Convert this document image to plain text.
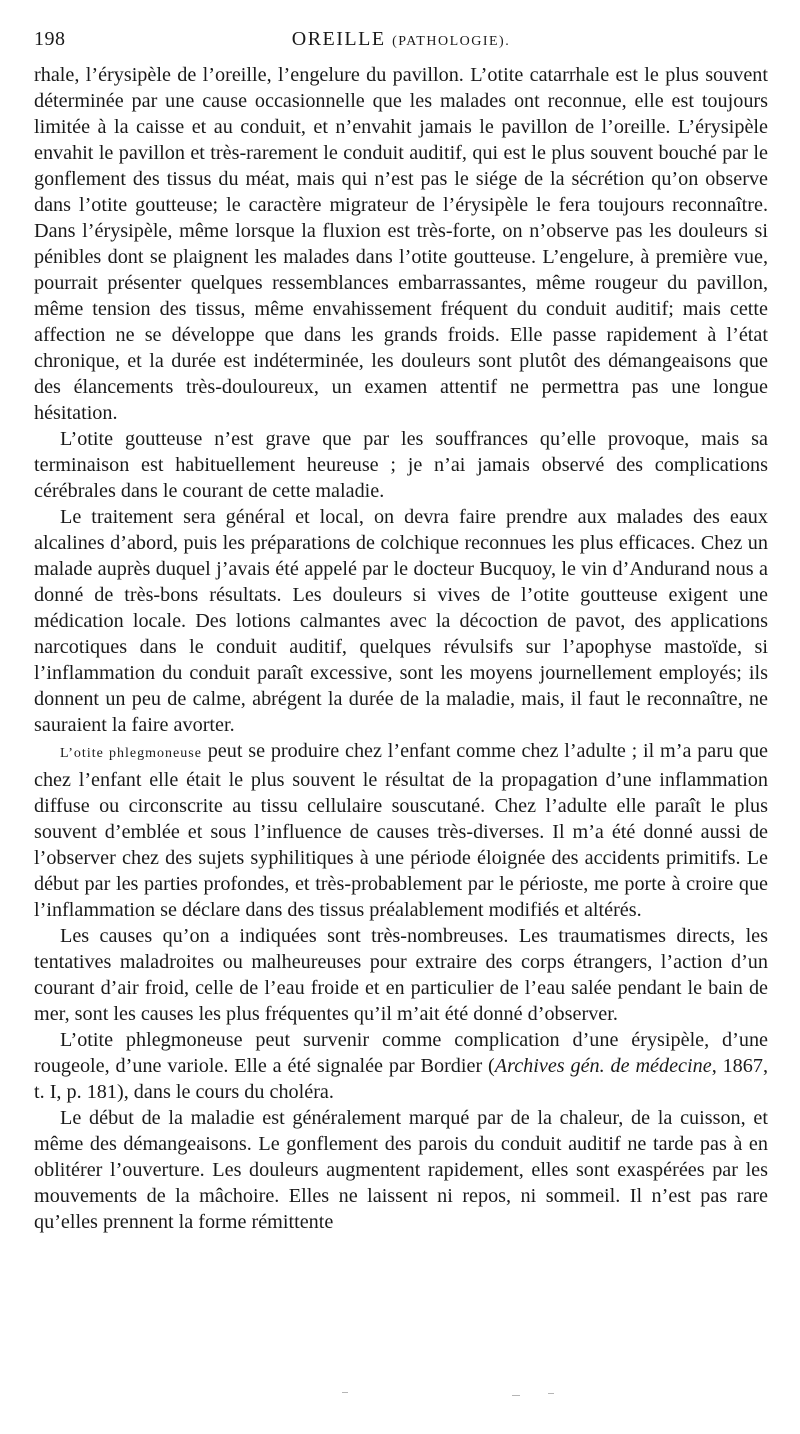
198	OREILLE (PATHOLOGIE).

rhale, l’érysipèle de l’oreille, l’engelure du pavillon. L’otite catarrhale est le plus souvent déterminée par une cause occasionnelle que les malades ont reconnue, elle est toujours limitée à la caisse et au conduit, et n’envahit jamais le pavillon de l’oreille. L’érysipèle envahit le pavillon et très-rarement le conduit auditif, qui est le plus souvent bouché par le gonflement des tissus du méat, mais qui n’est pas le siége de la sécrétion qu’on observe dans l’otite goutteuse; le caractère migrateur de l’érysipèle le fera toujours reconnaître. Dans l’érysipèle, même lorsque la fluxion est très-forte, on n’observe pas les douleurs si pénibles dont se plaignent les malades dans l’otite goutteuse. L’engelure, à première vue, pourrait présenter quelques ressemblances embarrassantes, même rougeur du pavillon, même tension des tissus, même envahissement fréquent du conduit auditif; mais cette affection ne se développe que dans les grands froids. Elle passe rapidement à l’état chronique, et la durée est indéterminée, les douleurs sont plutôt des démangeaisons que des élancements très-douloureux, un examen attentif ne permettra pas une longue hésitation.

L’otite goutteuse n’est grave que par les souffrances qu’elle provoque, mais sa terminaison est habituellement heureuse ; je n’ai jamais observé des complications cérébrales dans le courant de cette maladie.

Le traitement sera général et local, on devra faire prendre aux malades des eaux alcalines d’abord, puis les préparations de colchique reconnues les plus efficaces. Chez un malade auprès duquel j’avais été appelé par le docteur Bucquoy, le vin d’Andurand nous a donné de très-bons résultats. Les douleurs si vives de l’otite goutteuse exigent une médication locale. Des lotions calmantes avec la décoction de pavot, des applications narcotiques dans le conduit auditif, quelques révulsifs sur l’apophyse mastoïde, si l’inflammation du conduit paraît excessive, sont les moyens journellement employés; ils donnent un peu de calme, abrégent la durée de la maladie, mais, il faut le reconnaître, ne sauraient la faire avorter.

L’otite phlegmoneuse peut se produire chez l’enfant comme chez l’adulte ; il m’a paru que chez l’enfant elle était le plus souvent le résultat de la propagation d’une inflammation diffuse ou circonscrite au tissu cellulaire souscutané. Chez l’adulte elle paraît le plus souvent d’emblée et sous l’influence de causes très-diverses. Il m’a été donné aussi de l’observer chez des sujets syphilitiques à une période éloignée des accidents primitifs. Le début par les parties profondes, et très-probablement par le périoste, me porte à croire que l’inflammation se déclare dans des tissus préalablement modifiés et altérés.

Les causes qu’on a indiquées sont très-nombreuses. Les traumatismes directs, les tentatives maladroites ou malheureuses pour extraire des corps étrangers, l’action d’un courant d’air froid, celle de l’eau froide et en particulier de l’eau salée pendant le bain de mer, sont les causes les plus fréquentes qu’il m’ait été donné d’observer.

L’otite phlegmoneuse peut survenir comme complication d’une érysipèle, d’une rougeole, d’une variole. Elle a été signalée par Bordier (Archives gén. de médecine, 1867, t. I, p. 181), dans le cours du choléra.

Le début de la maladie est généralement marqué par de la chaleur, de la cuisson, et même des démangeaisons. Le gonflement des parois du conduit auditif ne tarde pas à en oblitérer l’ouverture. Les douleurs augmentent rapidement, elles sont exaspérées par les mouvements de la mâchoire. Elles ne laissent ni repos, ni sommeil. Il n’est pas rare qu’elles prennent la forme rémittente
